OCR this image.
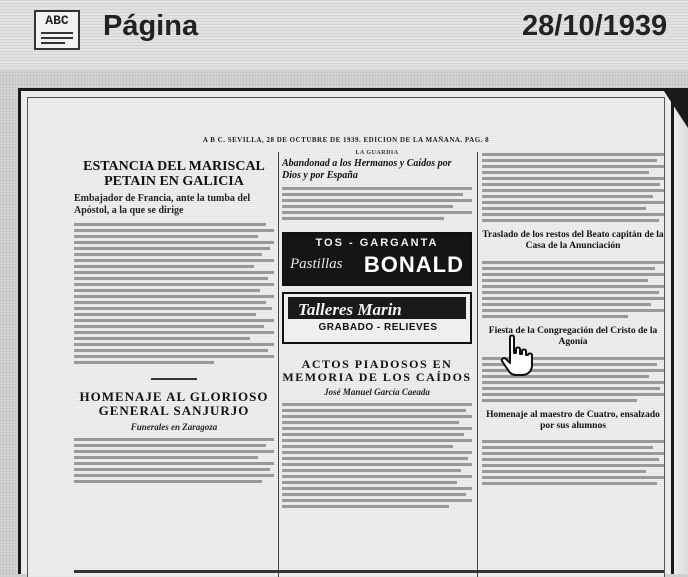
ABC	Página	28/10/1939
A B C. SEVILLA, 28 DE OCTUBRE DE 1939. EDICION DE LA MAÑANA. PAG. 8
ESTANCIA DEL MARISCAL PETAIN EN GALICIA
Embajador de Francia, ante la tumba del Apóstol, a la que se dirige
HOMENAJE AL GLORIOSO GENERAL SANJURJO
Funerales en Zaragoza
LA GUARDIA
Abandonad a los Hermanos y Caídos por Dios y por España
TOS - GARGANTA
Pastillas BONALD
Talleres Marin
GRABADO - RELIEVES
ACTOS PIADOSOS EN MEMORIA DE LOS CAÍDOS
José Manuel García Caeada
Traslado de los restos del Beato capitán de la Casa de la Anunciación
Fiesta de la Congregación del Cristo de la Agonía
Homenaje al maestro de Cuatro, ensalzado por sus alumnos
